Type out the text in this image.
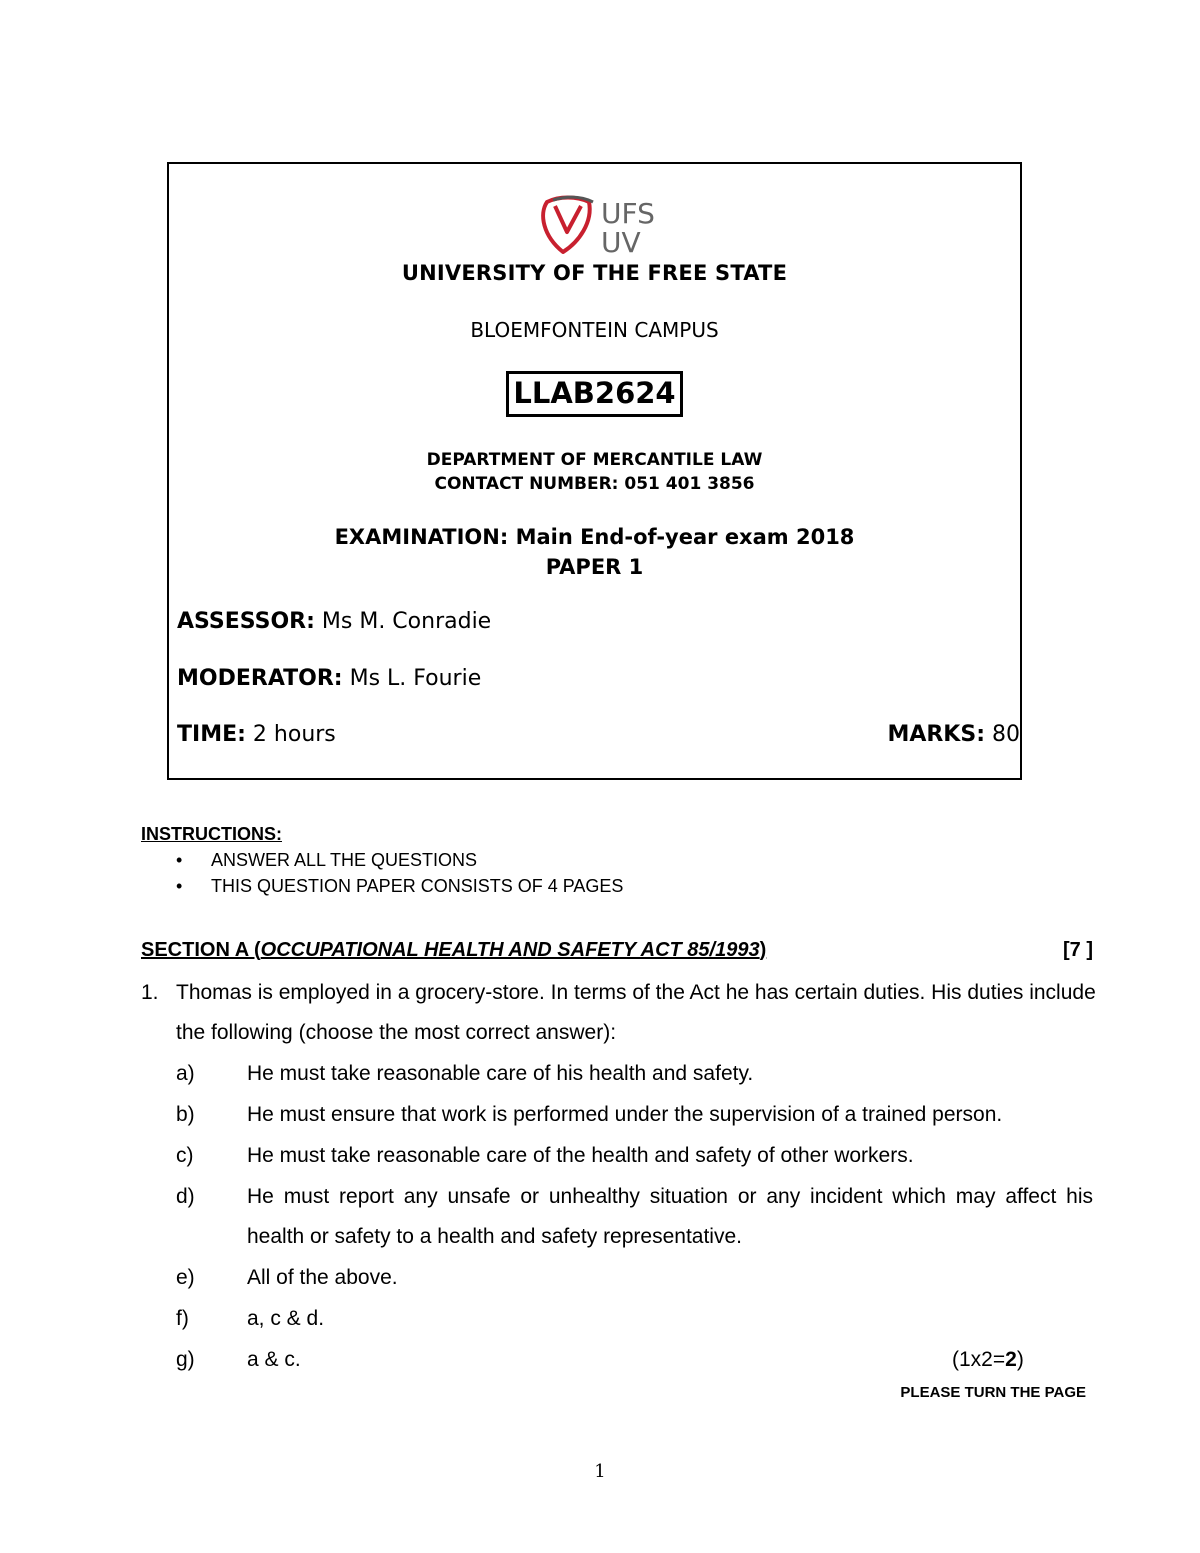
UFS
UV
UNIVERSITY OF THE FREE STATE
BLOEMFONTEIN CAMPUS
LLAB2624
DEPARTMENT OF MERCANTILE LAW
CONTACT NUMBER: 051 401 3856
EXAMINATION: Main End-of-year exam 2018
PAPER 1
ASSESSOR: Ms M. Conradie
MODERATOR: Ms L. Fourie
TIME: 2 hours	MARKS: 80
INSTRUCTIONS:
• ANSWER ALL THE QUESTIONS
• THIS QUESTION PAPER CONSISTS OF 4 PAGES
SECTION A (OCCUPATIONAL HEALTH AND SAFETY ACT 85/1993)	[7 ]
1. Thomas is employed in a grocery-store. In terms of the Act he has certain duties. His duties include the following (choose the most correct answer):
a) He must take reasonable care of his health and safety.
b) He must ensure that work is performed under the supervision of a trained person.
c)	He must take reasonable care of the health and safety of other workers.
d) He must report any unsafe or unhealthy situation or any incident which may affect his health or safety to a health and safety representative.
e) All of the above.
f)	a, c & d.
g) a & c.	(1x2=2)
PLEASE TURN THE PAGE
1
